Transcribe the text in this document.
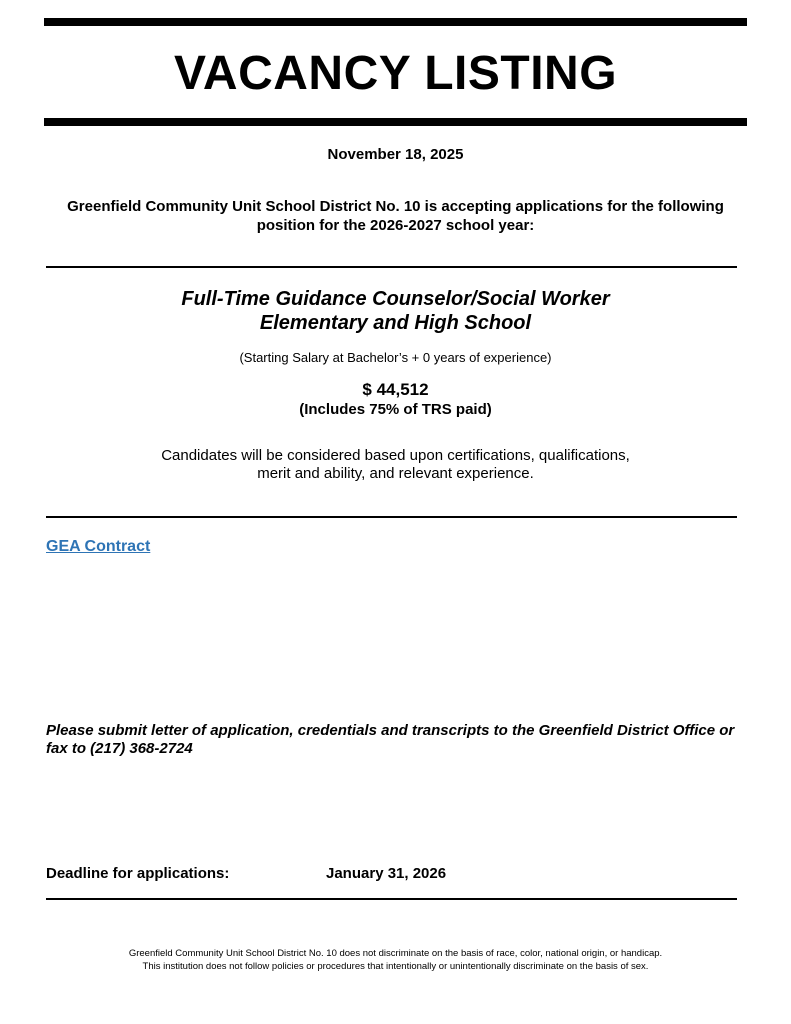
VACANCY LISTING
November 18, 2025
Greenfield Community Unit School District No. 10 is accepting applications for the following position for the 2026-2027 school year:
Full-Time Guidance Counselor/Social Worker
Elementary and High School
(Starting Salary at Bachelor’s + 0 years of experience)
$ 44,512
(Includes 75% of TRS paid)
Candidates will be considered based upon certifications, qualifications,
merit and ability, and relevant experience.
GEA Contract
Please submit letter of application, credentials and transcripts to the Greenfield District Office or fax to (217) 368-2724
Deadline for applications:	January 31, 2026
Greenfield Community Unit School District No. 10 does not discriminate on the basis of race, color, national origin, or handicap.
This institution does not follow policies or procedures that intentionally or unintentionally discriminate on the basis of sex.
